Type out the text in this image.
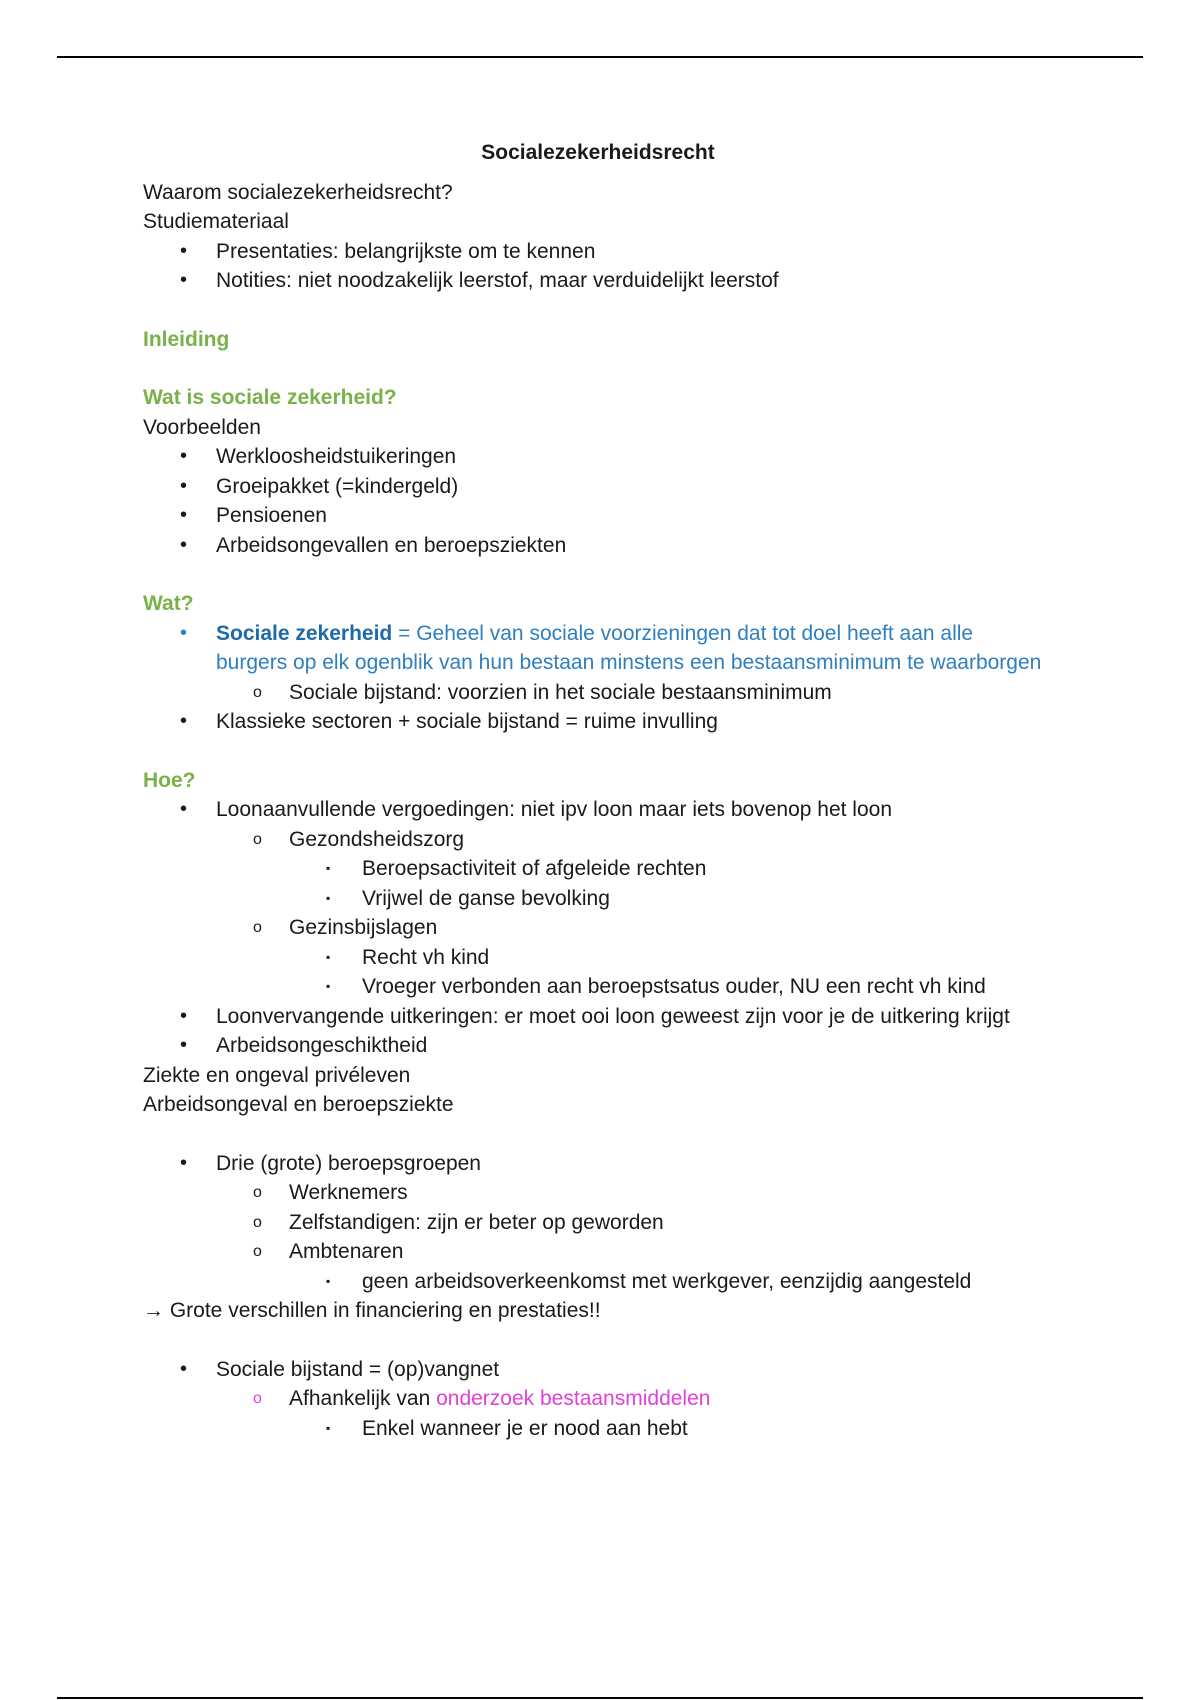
Socialezekerheidsrecht

Waarom socialezekerheidsrecht?

Studiemateriaal

• Presentaties: belangrijkste om te kennen
• Notities: niet noodzakelijk leerstof, maar verduidelijkt leerstof

Inleiding

Wat is sociale zekerheid?

Voorbeelden

• Werkloosheidstuikeringen
• Groeipakket (=kindergeld)
• Pensioenen
• Arbeidsongevallen en beroepsziekten

Wat?

• Sociale zekerheid = Geheel van sociale voorzieningen dat tot doel heeft aan alle burgers op elk ogenblik van hun bestaan minstens een bestaansminimum te waarborgen
o Sociale bijstand: voorzien in het sociale bestaansminimum
• Klassieke sectoren + sociale bijstand = ruime invulling

Hoe?

• Loonaanvullende vergoedingen: niet ipv loon maar iets bovenop het loon
o Gezondsheidszorg
▪ Beroepsactiviteit of afgeleide rechten
▪ Vrijwel de ganse bevolking
o Gezinsbijslagen
▪ Recht vh kind
▪ Vroeger verbonden aan beroepstsatus ouder, NU een recht vh kind
• Loonvervangende uitkeringen: er moet ooi loon geweest zijn voor je de uitkering krijgt
• Arbeidsongeschiktheid

Ziekte en ongeval privéleven

Arbeidsongeval en beroepsziekte

• Drie (grote) beroepsgroepen
o Werknemers
o Zelfstandigen: zijn er beter op geworden
o Ambtenaren
▪ geen arbeidsoverkeenkomst met werkgever, eenzijdig aangesteld

→ Grote verschillen in financiering en prestaties!!

• Sociale bijstand = (op)vangnet
o Afhankelijk van onderzoek bestaansmiddelen
▪ Enkel wanneer je er nood aan hebt
